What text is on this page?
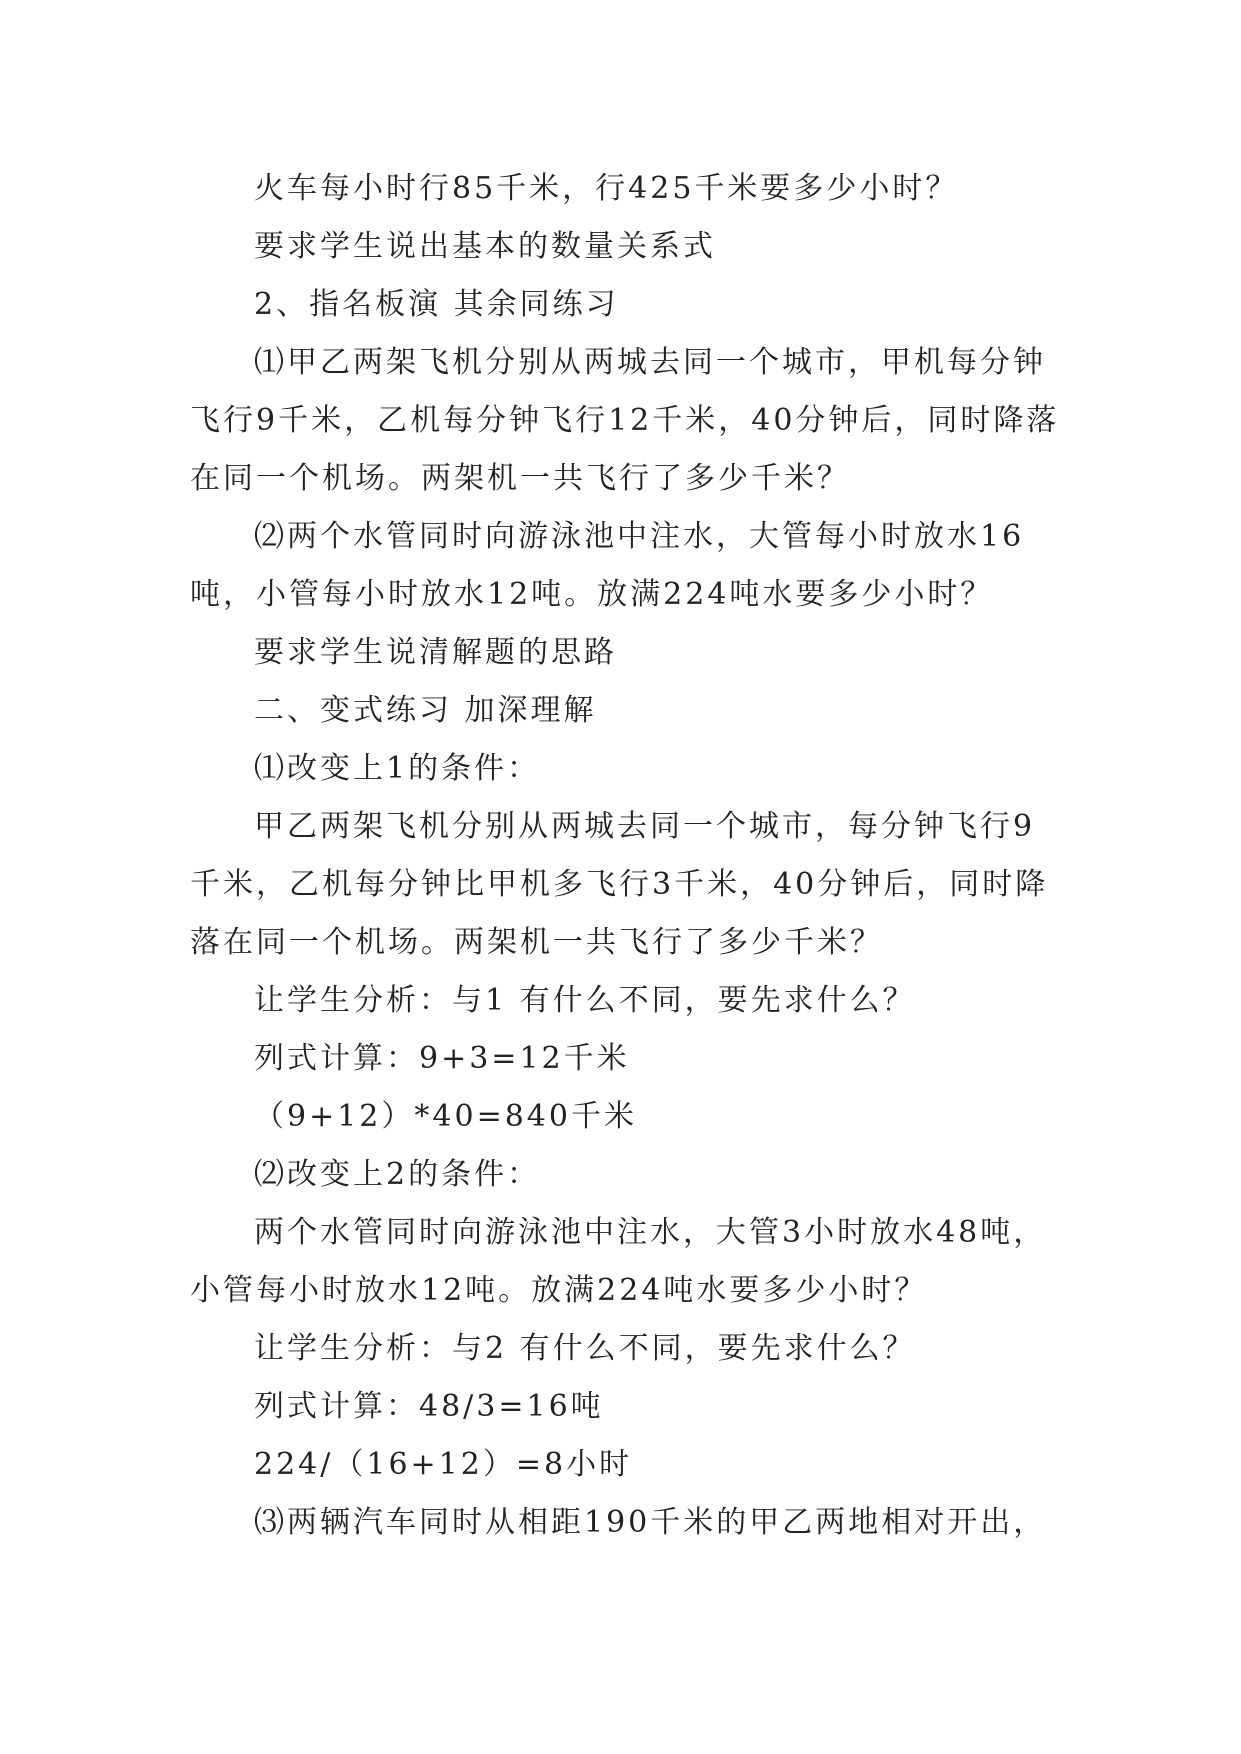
火车每小时行85千米，行425千米要多少小时？

要求学生说出基本的数量关系式

2、指名板演 其余同练习

⑴甲乙两架飞机分别从两城去同一个城市，甲机每分钟飞行9千米，乙机每分钟飞行12千米，40分钟后，同时降落在同一个机场。两架机一共飞行了多少千米？

⑵两个水管同时向游泳池中注水，大管每小时放水16吨，小管每小时放水12吨。放满224吨水要多少小时？

要求学生说清解题的思路

二、变式练习 加深理解

⑴改变上1的条件：

甲乙两架飞机分别从两城去同一个城市，每分钟飞行9千米，乙机每分钟比甲机多飞行3千米，40分钟后，同时降落在同一个机场。两架机一共飞行了多少千米？

让学生分析：与1 有什么不同，要先求什么？

列式计算：9+3=12千米

（9+12）*40=840千米

⑵改变上2的条件：

两个水管同时向游泳池中注水，大管3小时放水48吨，小管每小时放水12吨。放满224吨水要多少小时？

让学生分析：与2 有什么不同，要先求什么？

列式计算：48/3=16吨

224/（16+12）=8小时

⑶两辆汽车同时从相距190千米的甲乙两地相对开出，
